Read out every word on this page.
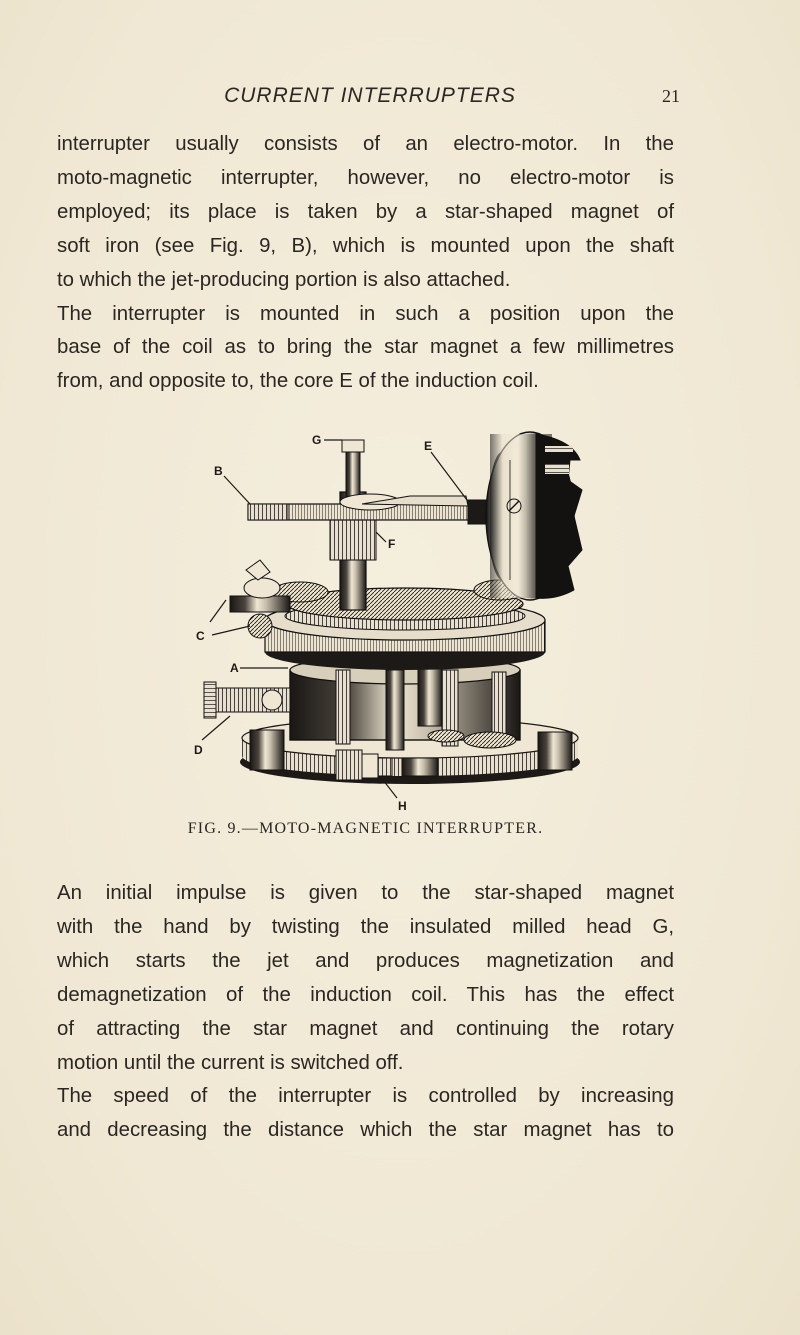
CURRENT INTERRUPTERS	21

interrupter usually consists of an electro-motor. In the
moto-magnetic interrupter, however, no electro-motor is
employed; its place is taken by a star-shaped magnet of
soft iron (see Fig. 9, B), which is mounted upon the shaft
to which the jet-producing portion is also attached.

The interrupter is mounted in such a position upon the
base of the coil as to bring the star magnet a few millimetres
from, and opposite to, the core E of the induction coil.

B
G	E
F
C
A
D
H
FIG. 9.—MOTO-MAGNETIC INTERRUPTER.

An initial impulse is given to the star-shaped magnet
with the hand by twisting the insulated milled head G,
which starts the jet and produces magnetization and
demagnetization of the induction coil. This has the effect
of attracting the star magnet and continuing the rotary
motion until the current is switched off.

The speed of the interrupter is controlled by increasing
and decreasing the distance which the star magnet has to
